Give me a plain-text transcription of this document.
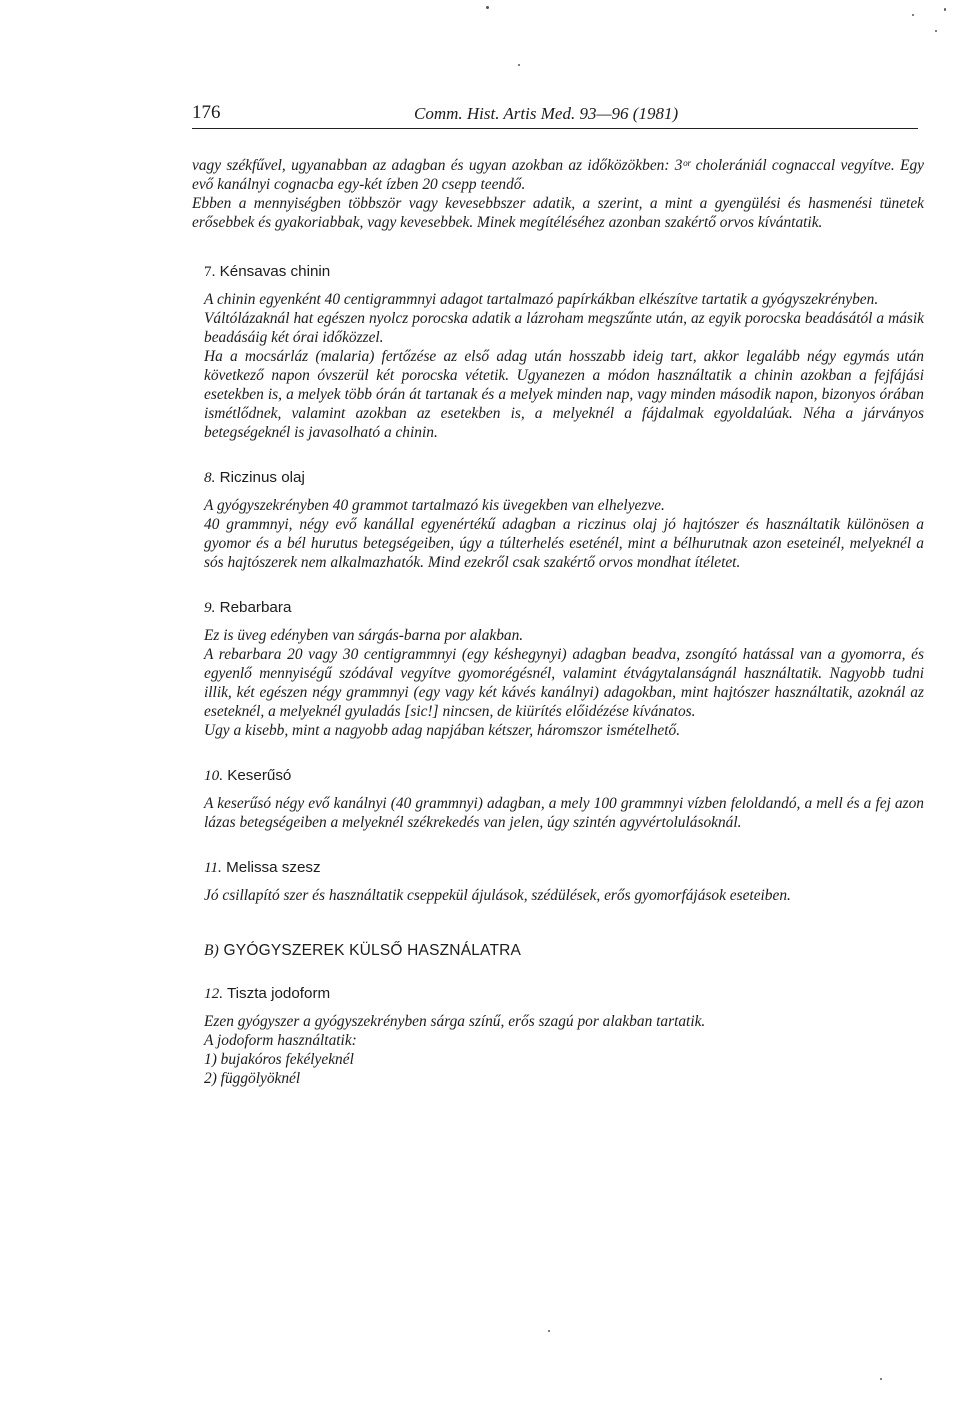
176	Comm. Hist. Artis Med. 93—96 (1981)

vagy székfűvel, ugyanabban az adagban és ugyan azokban az időközökben: 3ᵒʳ cholerániál cognaccal vegyítve. Egy evő kanálnyi cognacba egy-két ízben 20 csepp teendő.

Ebben a mennyiségben többször vagy kevesebbszer adatik, a szerint, a mint a gyengülési és hasmenési tünetek erősebbek és gyakoriabbak, vagy kevesebbek. Minek megítéléséhez azonban szakértő orvos kívántatik.

7. Kénsavas chinin

A chinin egyenként 40 centigrammnyi adagot tartalmazó papírkákban elkészítve tartatik a gyógyszekrényben.

Váltólázaknál hat egészen nyolcz porocska adatik a lázroham megszűnte után, az egyik porocska beadásától a másik beadásáig két órai időközzel.

Ha a mocsárláz (malaria) fertőzése az első adag után hosszabb ideig tart, akkor legalább négy egymás után következő napon óvszerül két porocska vétetik. Ugyanezen a módon használtatik a chinin azokban a fejfájási esetekben is, a melyek több órán át tartanak és a melyek minden nap, vagy minden második napon, bizonyos órában ismétlődnek, valamint azokban az esetekben is, a melyeknél a fájdalmak egyoldalúak. Néha a járványos betegségeknél is javasolható a chinin.

8. Riczinus olaj

A gyógyszekrényben 40 grammot tartalmazó kis üvegekben van elhelyezve.

40 grammnyi, négy evő kanállal egyenértékű adagban a riczinus olaj jó hajtószer és használtatik különösen a gyomor és a bél hurutus betegségeiben, úgy a túlterhelés eseténél, mint a bélhurutnak azon eseteinél, melyeknél a sós hajtószerek nem alkalmazhatók. Mind ezekről csak szakértő orvos mondhat ítéletet.

9. Rebarbara

Ez is üveg edényben van sárgás-barna por alakban.

A rebarbara 20 vagy 30 centigrammnyi (egy késhegynyi) adagban beadva, zsongító hatással van a gyomorra, és egyenlő mennyiségű szódával vegyítve gyomorégésnél, valamint étvágytalanságnál használtatik. Nagyobb tudni illik, két egészen négy grammnyi (egy vagy két kávés kanálnyi) adagokban, mint hajtószer használtatik, azoknál az eseteknél, a melyeknél gyuladás [sic!] nincsen, de kiürítés előidézése kívánatos.

Ugy a kisebb, mint a nagyobb adag napjában kétszer, háromszor ismételhető.

10. Keserűsó

A keserűsó négy evő kanálnyi (40 grammnyi) adagban, a mely 100 grammnyi vízben feloldandó, a mell és a fej azon lázas betegségeiben a melyeknél székrekedés van jelen, úgy szintén agyvértolulásoknál.

11. Melissa szesz

Jó csillapító szer és használtatik cseppekül ájulások, szédülések, erős gyomorfájások eseteiben.

B) GYÓGYSZEREK KÜLSŐ HASZNÁLATRA
12. Tiszta jodoform

Ezen gyógyszer a gyógyszekrényben sárga színű, erős szagú por alakban tartatik.

A jodoform használtatik:

1) bujakóros fekélyeknél

2) függölyöknél
